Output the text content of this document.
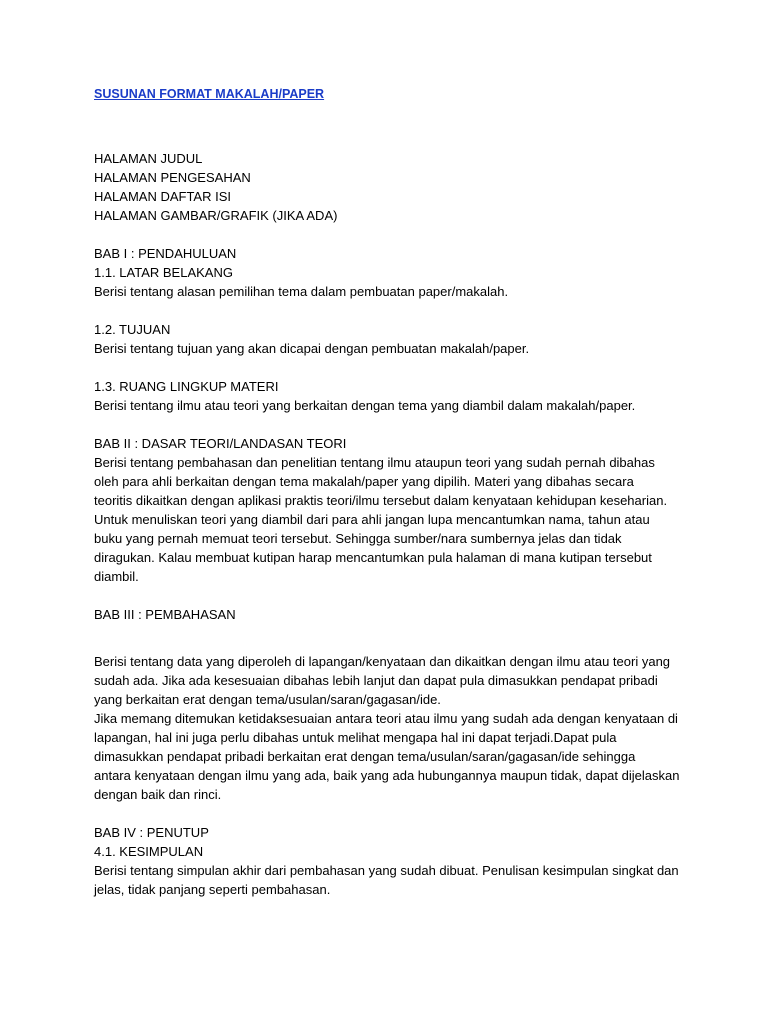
SUSUNAN FORMAT MAKALAH/PAPER
HALAMAN JUDUL
HALAMAN PENGESAHAN
HALAMAN DAFTAR ISI
HALAMAN GAMBAR/GRAFIK (JIKA ADA)
BAB I : PENDAHULUAN
1.1. LATAR BELAKANG
Berisi tentang alasan pemilihan tema dalam pembuatan paper/makalah.
1.2. TUJUAN
Berisi tentang tujuan yang akan dicapai dengan pembuatan makalah/paper.
1.3. RUANG LINGKUP MATERI
Berisi tentang ilmu atau teori yang berkaitan dengan tema yang diambil dalam makalah/paper.
BAB II : DASAR TEORI/LANDASAN TEORI
Berisi tentang pembahasan dan penelitian tentang ilmu ataupun teori yang sudah pernah dibahas
oleh para ahli berkaitan dengan tema makalah/paper yang dipilih. Materi yang dibahas secara
teoritis dikaitkan dengan aplikasi praktis teori/ilmu tersebut dalam kenyataan kehidupan keseharian.
Untuk menuliskan teori yang diambil dari para ahli jangan lupa mencantumkan nama, tahun atau
buku yang pernah memuat teori tersebut. Sehingga sumber/nara sumbernya jelas dan tidak
diragukan. Kalau membuat kutipan harap mencantumkan pula halaman di mana kutipan tersebut
diambil.
BAB III : PEMBAHASAN
Berisi tentang data yang diperoleh di lapangan/kenyataan dan dikaitkan dengan ilmu atau teori yang
sudah ada. Jika ada kesesuaian dibahas lebih lanjut dan dapat pula dimasukkan pendapat pribadi
yang berkaitan erat dengan tema/usulan/saran/gagasan/ide.
Jika memang ditemukan ketidaksesuaian antara teori atau ilmu yang sudah ada dengan kenyataan di
lapangan, hal ini juga perlu dibahas untuk melihat mengapa hal ini dapat terjadi.Dapat pula
dimasukkan pendapat pribadi berkaitan erat dengan tema/usulan/saran/gagasan/ide sehingga
antara kenyataan dengan ilmu yang ada, baik yang ada hubungannya maupun tidak, dapat dijelaskan
dengan baik dan rinci.
BAB IV : PENUTUP
4.1. KESIMPULAN
Berisi tentang simpulan akhir dari pembahasan yang sudah dibuat. Penulisan kesimpulan singkat dan
jelas, tidak panjang seperti pembahasan.
